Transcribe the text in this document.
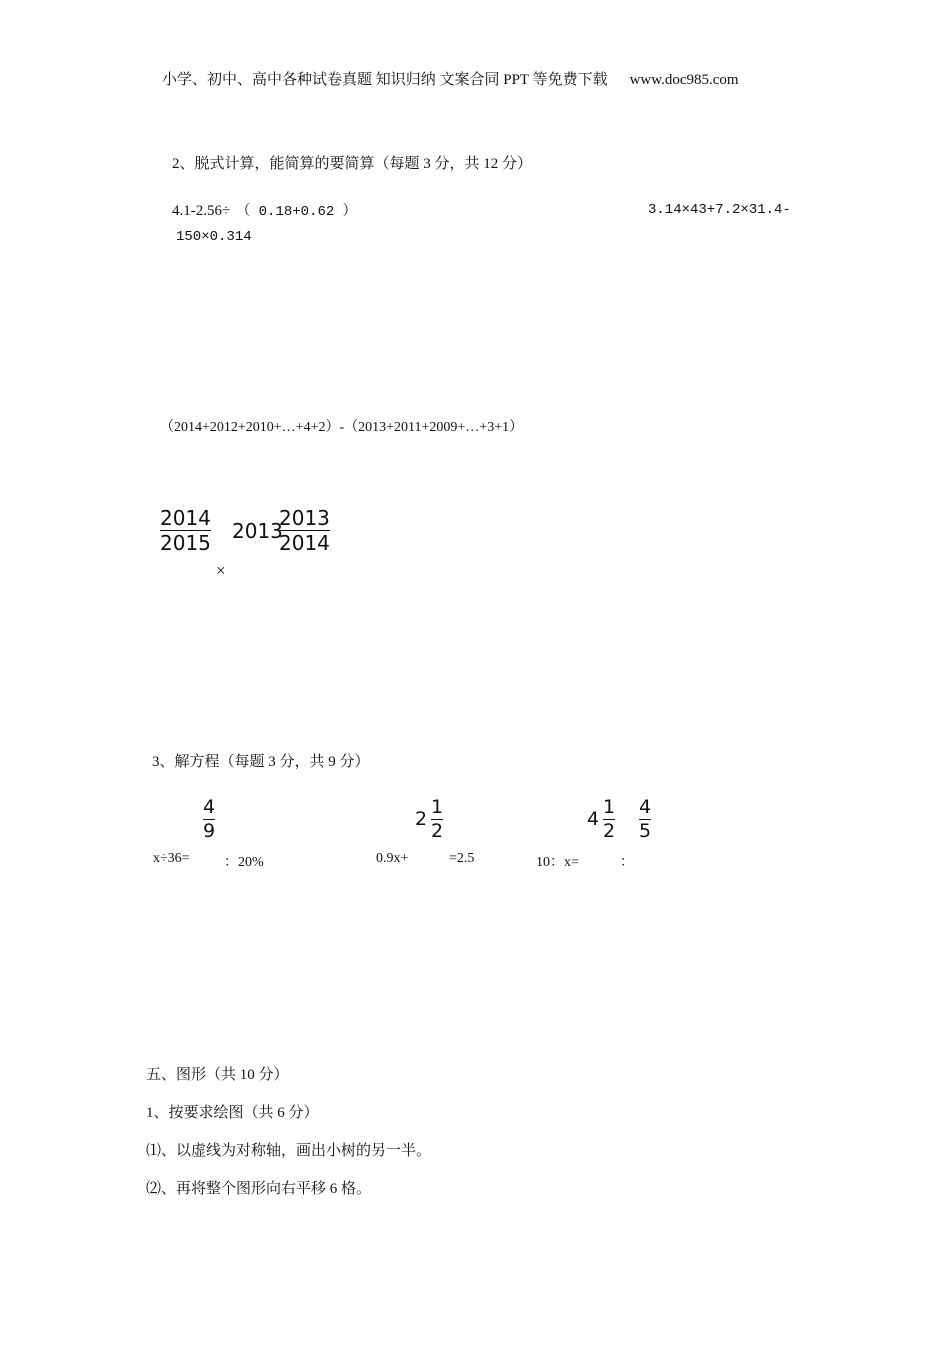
小学、初中、高中各种试卷真题 知识归纳 文案合同 PPT 等免费下载 www.doc985.com
2、脱式计算，能简算的要简算（每题 3 分，共 12 分）
4.1-2.56÷ （ 0.18+0.62 ）	3.14×43+7.2×31.4-
150×0.314
（2014+2012+2010+…+4+2）-（2013+2011+2009+…+3+1）
2014
2015 2013
2013
2014
×
3、解方程（每题 3 分，共 9 分）
4
9
x÷36= ：20%
2
1
2
0.9x+	=2.5
4
1
2
4
5
10：x=	：
五、图形（共 10 分）
1、按要求绘图（共 6 分）
⑴、以虚线为对称轴，画出小树的另一半。
⑵、再将整个图形向右平移 6 格。
